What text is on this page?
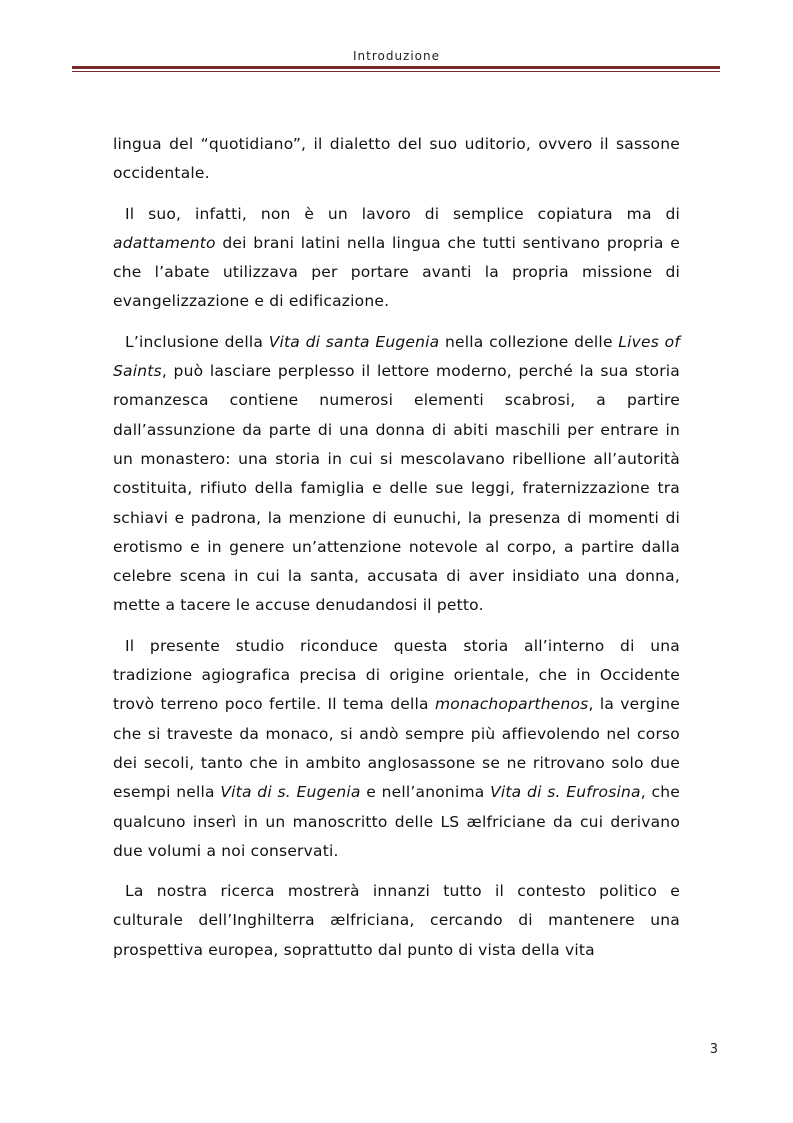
Introduzione

lingua del “quotidiano”, il dialetto del suo uditorio, ovvero il sassone occidentale.

Il suo, infatti, non è un lavoro di semplice copiatura ma di adattamento dei brani latini nella lingua che tutti sentivano propria e che l’abate utilizzava per portare avanti la propria missione di evangelizzazione e di edificazione.

L’inclusione della Vita di santa Eugenia nella collezione delle Lives of Saints, può lasciare perplesso il lettore moderno, perché la sua storia romanzesca contiene numerosi elementi scabrosi, a partire dall’assunzione da parte di una donna di abiti maschili per entrare in un monastero: una storia in cui si mescolavano ribellione all’autorità costituita, rifiuto della famiglia e delle sue leggi, fraternizzazione tra schiavi e padrona, la menzione di eunuchi, la presenza di momenti di erotismo e in genere un’attenzione notevole al corpo, a partire dalla celebre scena in cui la santa, accusata di aver insidiato una donna, mette a tacere le accuse denudandosi il petto.

Il presente studio riconduce questa storia all’interno di una tradizione agiografica precisa di origine orientale, che in Occidente trovò terreno poco fertile. Il tema della monachoparthenos, la vergine che si traveste da monaco, si andò sempre più affievolendo nel corso dei secoli, tanto che in ambito anglosassone se ne ritrovano solo due esempi nella Vita di s. Eugenia e nell’anonima Vita di s. Eufrosina, che qualcuno inserì in un manoscritto delle LS ælfriciane da cui derivano due volumi a noi conservati.

La nostra ricerca mostrerà innanzi tutto il contesto politico e culturale dell’Inghilterra ælfriciana, cercando di mantenere una prospettiva europea, soprattutto dal punto di vista della vita

3
